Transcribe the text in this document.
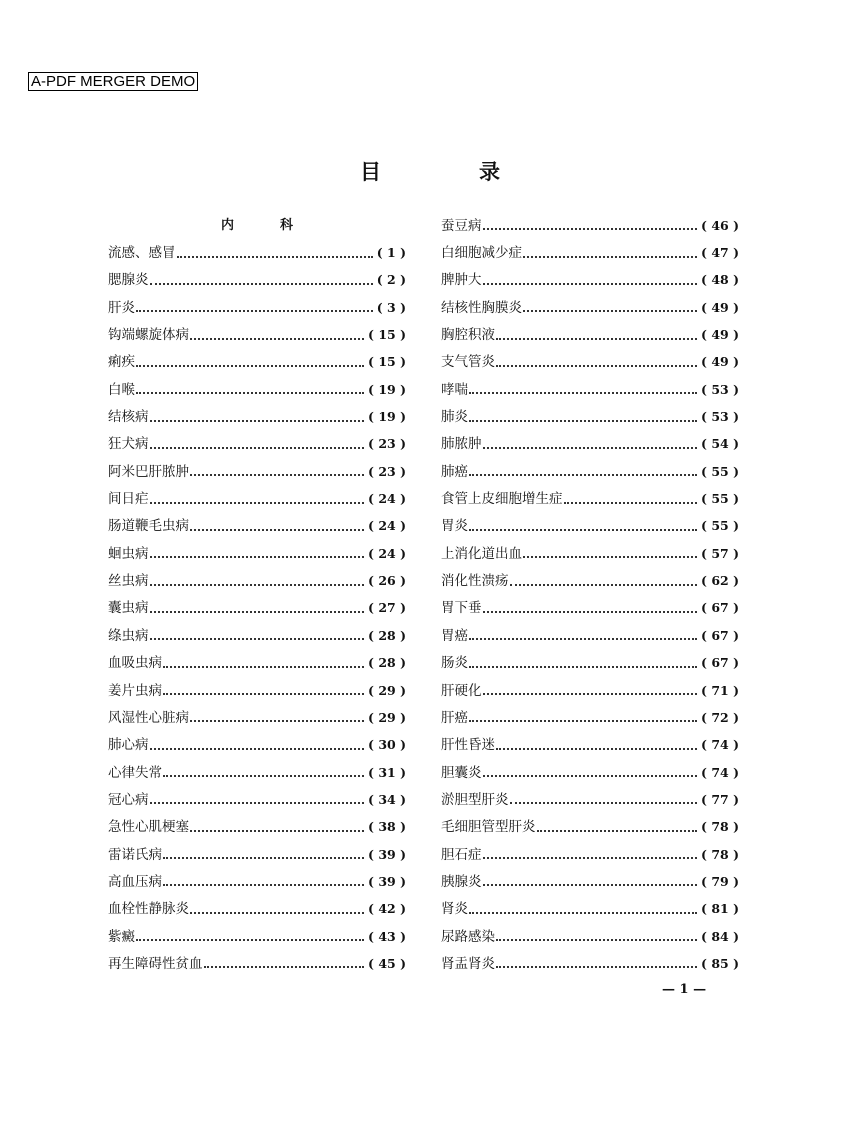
A-PDF MERGER DEMO
目	录
内	科
流感、感冒	( 1 )
腮腺炎	( 2 )
肝炎	( 3 )
钩端螺旋体病	( 15 )
痢疾	( 15 )
白喉	( 19 )
结核病	( 19 )
狂犬病	( 23 )
阿米巴肝脓肿	( 23 )
间日疟	( 24 )
肠道鞭毛虫病	( 24 )
蛔虫病	( 24 )
丝虫病	( 26 )
囊虫病	( 27 )
绦虫病	( 28 )
血吸虫病	( 28 )
姜片虫病	( 29 )
风湿性心脏病	( 29 )
肺心病	( 30 )
心律失常	( 31 )
冠心病	( 34 )
急性心肌梗塞	( 38 )
雷诺氏病	( 39 )
高血压病	( 39 )
血栓性静脉炎	( 42 )
紫癜	( 43 )
再生障碍性贫血	( 45 )
蚕豆病	( 46 )
白细胞减少症	( 47 )
脾肿大	( 48 )
结核性胸膜炎	( 49 )
胸腔积液	( 49 )
支气管炎	( 49 )
哮喘	( 53 )
肺炎	( 53 )
肺脓肿	( 54 )
肺癌	( 55 )
食管上皮细胞增生症	( 55 )
胃炎	( 55 )
上消化道出血	( 57 )
消化性溃疡	( 62 )
胃下垂	( 67 )
胃癌	( 67 )
肠炎	( 67 )
肝硬化	( 71 )
肝癌	( 72 )
肝性昏迷	( 74 )
胆囊炎	( 74 )
淤胆型肝炎	( 77 )
毛细胆管型肝炎	( 78 )
胆石症	( 78 )
胰腺炎	( 79 )
肾炎	( 81 )
尿路感染	( 84 )
肾盂肾炎	( 85 )
— 1 —
